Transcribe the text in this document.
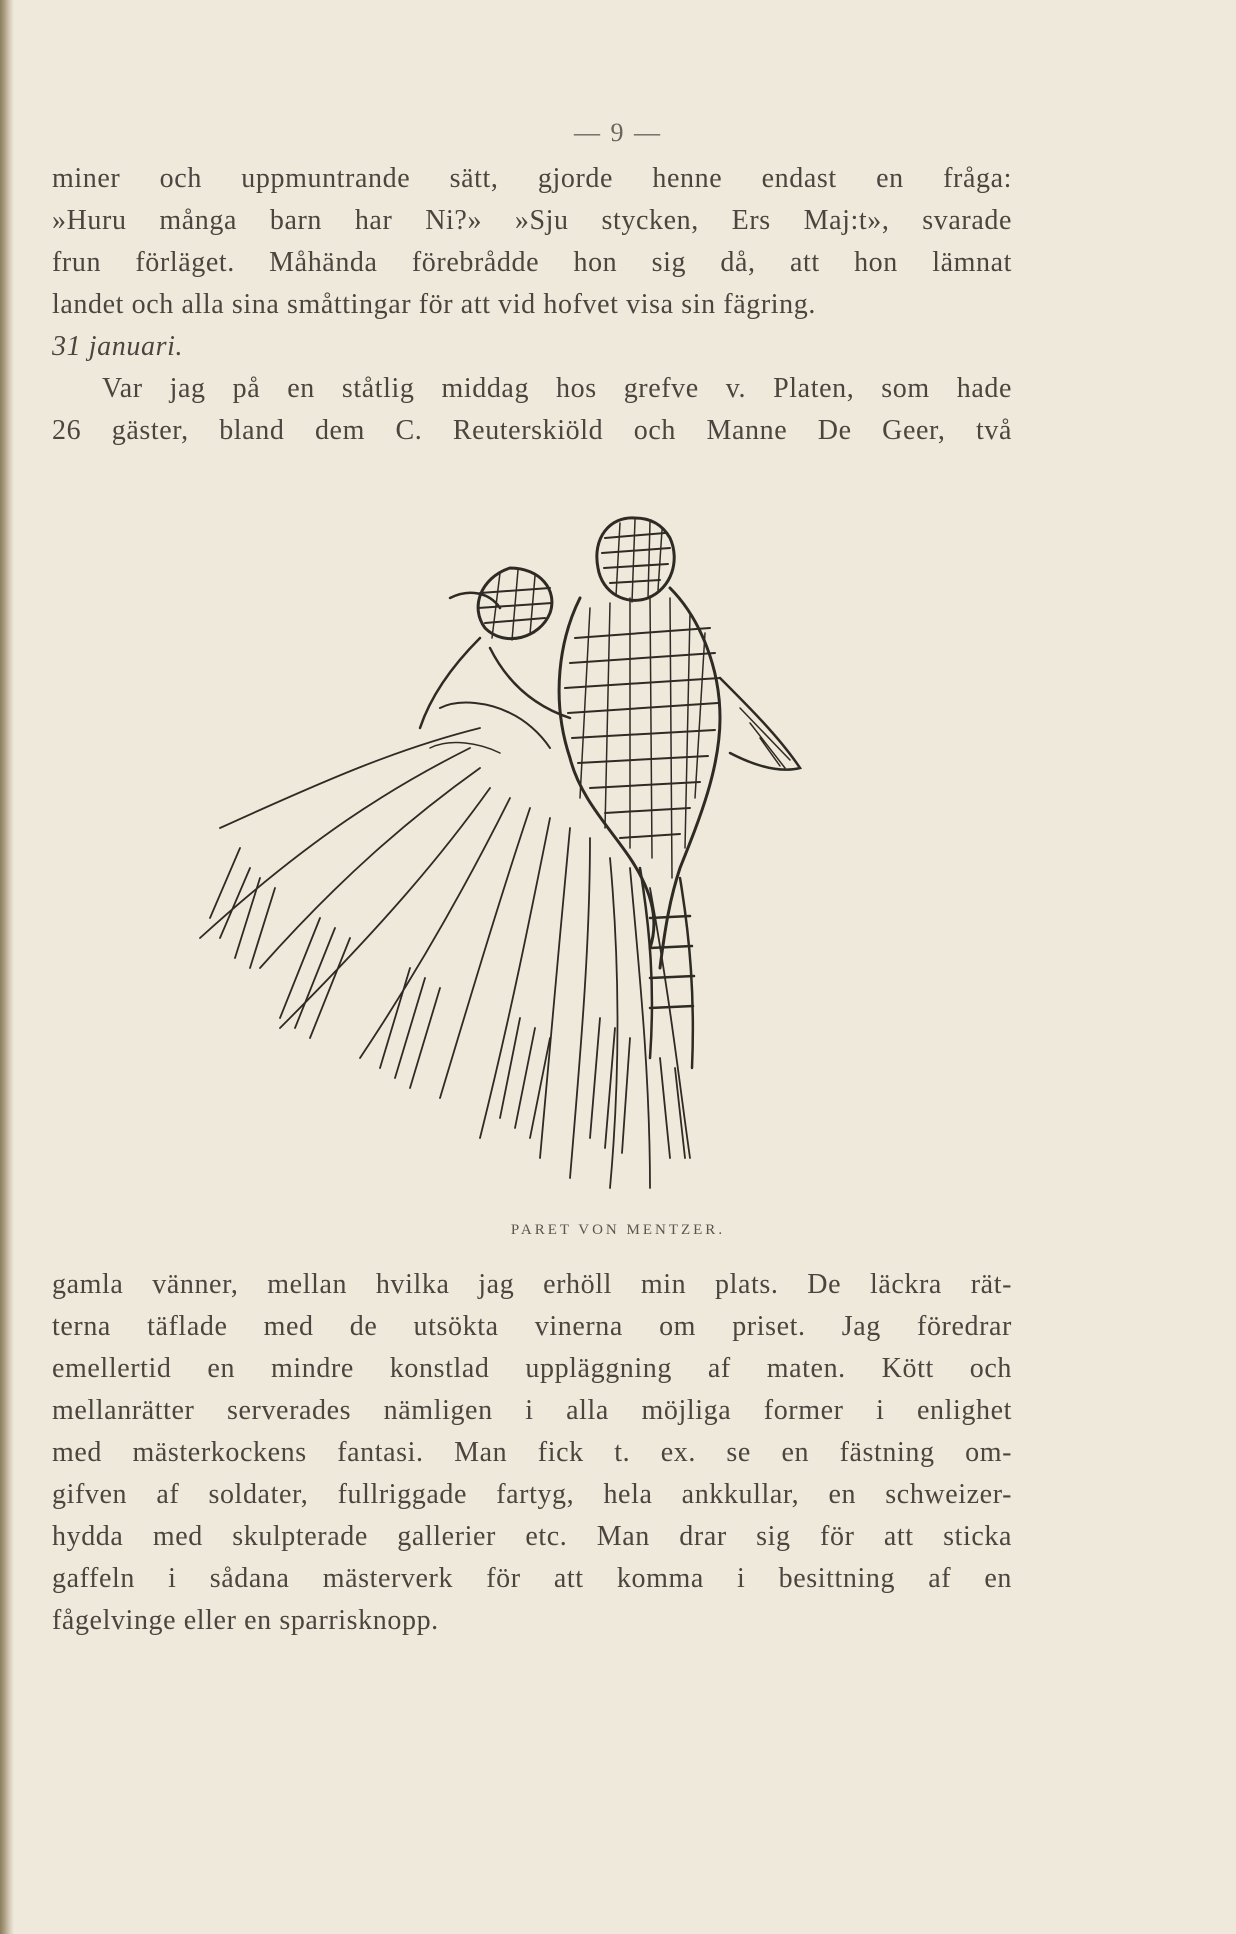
— 9 —
miner och uppmuntrande sätt, gjorde henne endast en fråga:
»Huru många barn har Ni?» »Sju stycken, Ers Maj:t», svarade
frun förläget. Måhända förebrådde hon sig då, att hon lämnat
landet och alla sina småttingar för att vid hofvet visa sin fägring.
31 januari.
Var jag på en ståtlig middag hos grefve v. Platen, som hade
26 gäster, bland dem C. Reuterskiöld och Manne De Geer, två
PARET VON MENTZER.
gamla vänner, mellan hvilka jag erhöll min plats. De läckra rät-
terna täflade med de utsökta vinerna om priset. Jag föredrar
emellertid en mindre konstlad uppläggning af maten. Kött och
mellanrätter serverades nämligen i alla möjliga former i enlighet
med mästerkockens fantasi. Man fick t. ex. se en fästning om-
gifven af soldater, fullriggade fartyg, hela ankkullar, en schweizer-
hydda med skulpterade gallerier etc. Man drar sig för att sticka
gaffeln i sådana mästerverk för att komma i besittning af en
fågelvinge eller en sparrisknopp.
